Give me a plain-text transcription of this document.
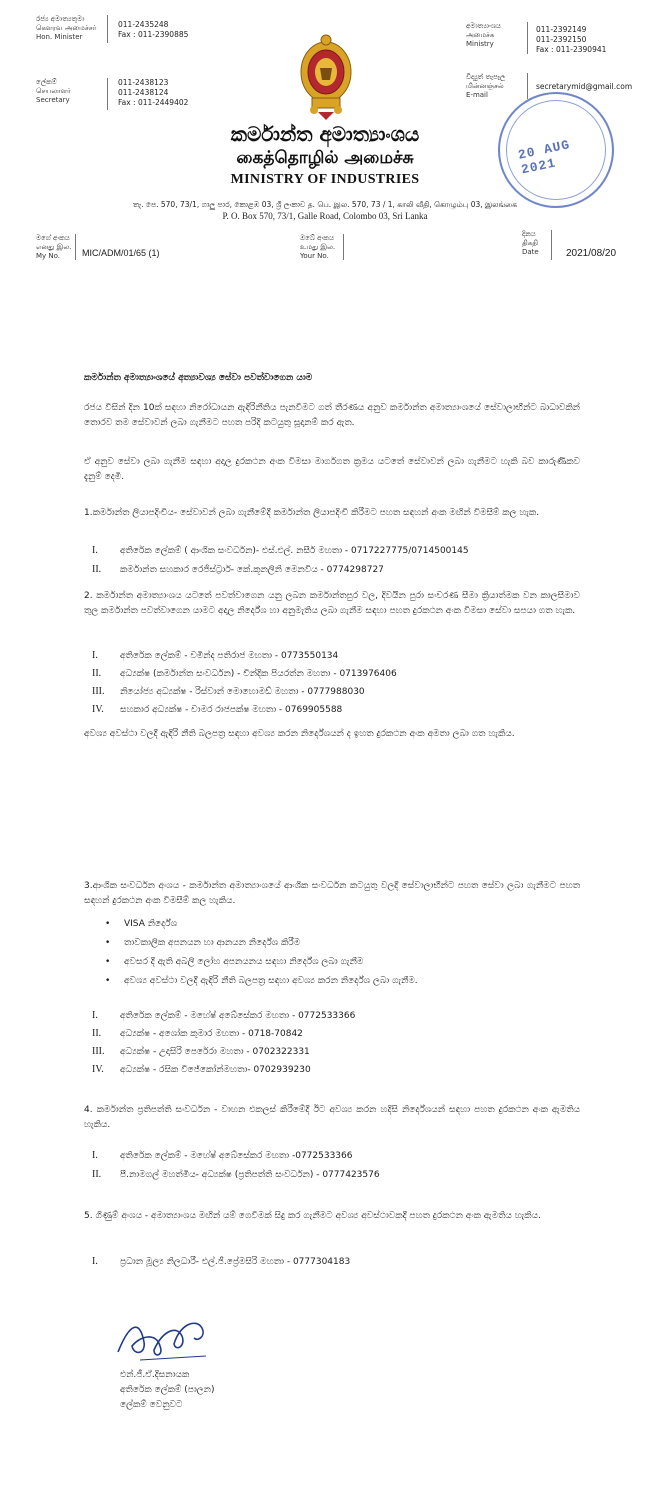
රජ්‍ය අමාත්‍යතුමා
கௌரவ அமைச்சர்
Hon. Minister
011-2435248
Fax : 011-2390885
ලේකම්
செயலாளர்
Secretary
011-2438123
011-2438124
Fax : 011-2449402
අමාත්‍යාංශය
அமைச்சு
Ministry
011-2392149
011-2392150
Fax : 011-2390941
විද්‍යුත් තැපෑල
மின்னஞ்சல்
E-mail
secretarymid@gmail.com
කර්මාන්ත අමාත්‍යාංශය
கைத்தொழில் அமைச்சு
MINISTRY OF INDUSTRIES
තැ. පෙ. 570, 73/1, ගාලු පාර, කොළඹ 03, ශ්‍රී ලංකාව த. பெ. இல. 570, 73 / 1, காலி வீதி, கொழும்பு 03, இலங்கை
P. O. Box 570, 73/1, Galle Road, Colombo 03, Sri Lanka
20 AUG 2021
මගේ අංකය
எனது இல.
My No.	MIC/ADM/01/65 (1)
ඔබේ අංකය
உமது இல.
Your No.
දිනය
திகதி
Date	2021/08/20
කර්මාන්ත අමාත්‍යාංශයේ අත්‍යාවශ්‍ය සේවා පවත්වාගෙන යාම
රජය විසින් දින 10ක් සඳහා නිරෝධායන ඇඳිරිනීතිය පැනවීමට ගත් තීරණය අනුව කර්මාන්ත අමාත්‍යාංශයේ සේවාලාභීන්ට බාධාවකින් තොරව තම සේවාවන් ලබා ගැනීමට පහත පරිදි කටයුතු සූදානම් කර ඇත.
ඒ අනුව සේවා ලබා ගැනීම සඳහා අදාල දුරකථන අංක විමසා මාර්ගගත ක්‍රමය යටතේ සේවාවන් ලබා ගැනීමට හැකි බව කාරුණිකව දැනුම් දෙමි.
1.කර්මාන්ත ලියාපදිංචිය- සේවාවන් ලබා ගැනීමේදී කර්මාන්ත ලියාපදිංචි කිරීමට පහත සඳහන් අංක මඟින් විමසීම් කල හැක.
I. අතිරේක ලේකම් ( ආංශික සංවර්ධන)- එස්.එල්. නසීර් මහතා - 0717227775/0714500145
II. කර්මාන්ත සහකාර රෙජිස්ට්‍රාර්- කේ.කූනලිනි මෙනවිය - 0774298727
2. කර්මාන්ත අමාත්‍යාංශය යටතේ පවත්වාගෙන යනු ලබන කර්මාන්තපුර වල, දිවයින පුරා සංචරණ සීමා ක්‍රියාත්මක වන කාලසීමාව තුල කර්මාන්ත පවත්වාගෙන යාමට අදාල නිර්දේශ හා අනුමැතිය ලබා ගැනීම සඳහා පහත දුරකථන අංක විමසා සේවා සපයා ගත හැක.
I. අතිරේක ලේකම් - චමින්ද පතිරාජ මහතා - 0773550134
II. අධ්‍යක්ෂ (කර්මාන්ත සංවර්ධන) - චින්දික පියරත්න මහතා - 0713976406
III. නියෝජ්‍ය අධ්‍යක්ෂ - රිස්වාන් මොහොමඩ් මහතා - 0777988030
IV. සහකාර අධ්‍යක්ෂ - චාමර රාජපක්ෂ මහතා - 0769905588
අවශ්‍ය අවස්ථා වලදී ඇඳිරි නීති බලපත්‍ර සඳහා අවශ්‍ය කරන නිර්දේශයන් ද ඉහත දුරකථන අංක අමතා ලබා ගත හැකිය.
3.ආංශික සංවර්ධන අංශය - කර්මාන්ත අමාත්‍යාංශයේ ආංශික සංවර්ධන කටයුතු වලදී සේවාලාභීන්ට පහත සේවා ලබා ගැනීමට පහත සඳහන් දුරකථන අංක විමසීම් කල හැකිය.
• VISA නිර්දේශ
• තාවකාලික අපනයන හා ආනයන නිර්දේශ කිරීම
• අවසර දී ඇති අබලි ලෝහ අපනයනය සඳහා නිර්දේශ ලබා ගැනීම
• අවශ්‍ය අවස්ථා වලදී ඇඳිරි නීති බලපත්‍ර සඳහා අවශ්‍ය කරන නිර්දේශ ලබා ගැනීම.
I. අතිරේක ලේකම් - මහේෂ් අබේසේකර මහතා - 0772533366
II. අධ්‍යක්ෂ - අශෝක කුමාර මහතා - 0718-70842
III. අධ්‍යක්ෂ - උදාසිරි පෙරේරා මහතා - 0702322331
IV. අධ්‍යක්ෂ - රසික විජේකෝන්මහතා- 0702939230
4. කර්මාන්ත ප්‍රතිපත්ති සංවර්ධන - වාහන එකලස් කිරීමේදී ඊට අවශ්‍ය කරන හදිසි නිර්දේශයන් සඳහා පහත දුරකථන අංක ඇමතිය හැකිය.
I. අතිරේක ලේකම් - මහේෂ් අබේසේකර මහතා -0772533366
II. පී.නාමගල් මහත්මිය- අධ්‍යක්ෂ (ප්‍රතිපත්ති සංවර්ධන) - 0777423576
5. ගිණුම් අංශය - අමාත්‍යාංශය මඟින් යම් ගෙවීමක් සිදු කර ගැනීමට අවශ්‍ය අවස්ථාවකදී පහත දුරකථන අංක ඇමතිය හැකිය.
I. ප්‍රධාන මූල්‍ය නිලධාරී- එල්.ජී.ප්‍රේමසිරි මහතා - 0777304183
එන්.ජී.ඒ.දිසනායක
අතිරේක ලේකම් (පාලන)
ලේකම් වෙනුවට
